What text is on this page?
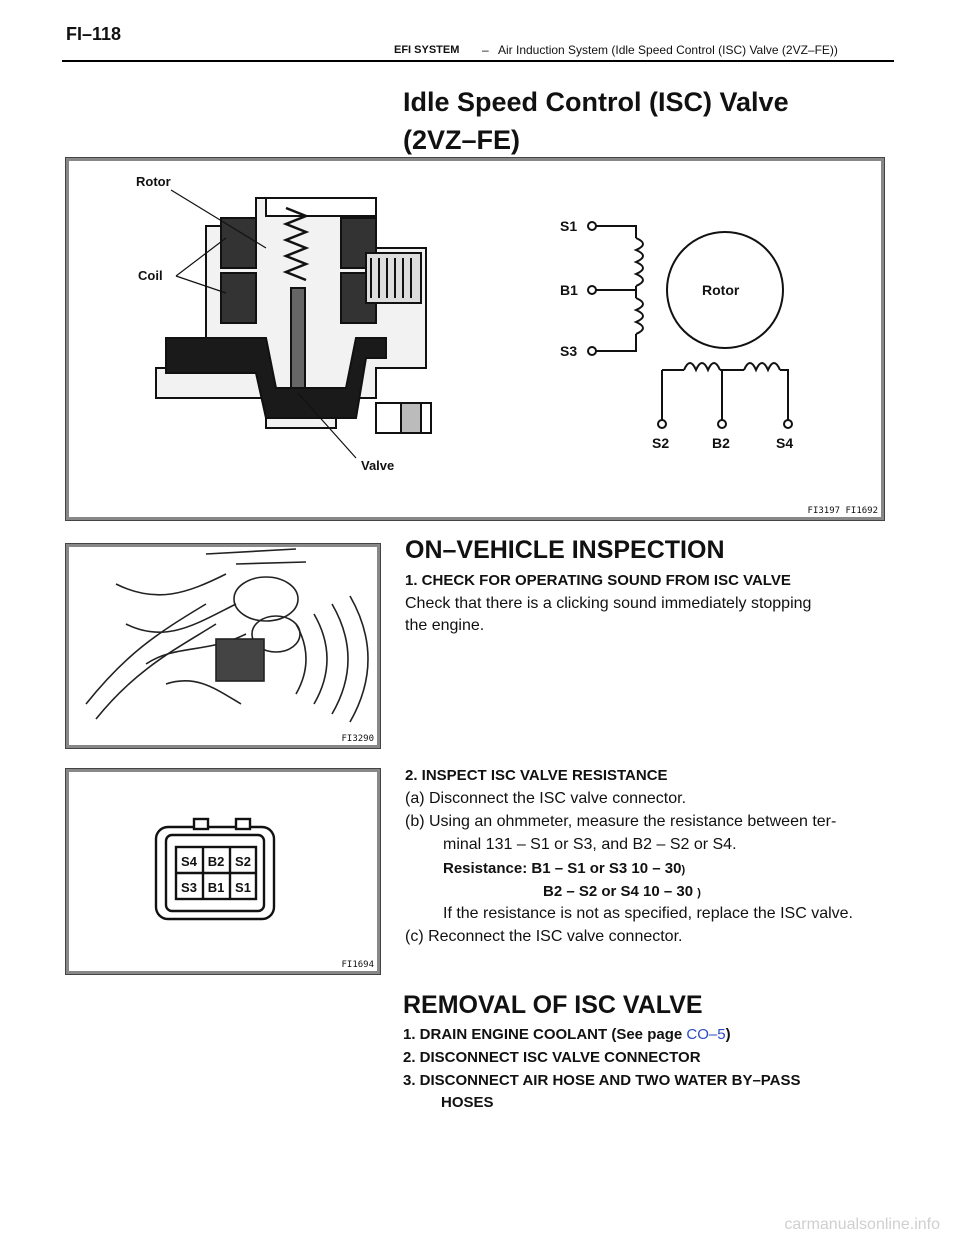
FI–118
EFI SYSTEM – Air Induction System (Idle Speed Control (ISC) Valve (2VZ–FE))
Idle Speed Control (ISC) Valve
(2VZ–FE)
Rotor
Coil
Valve
S1
B1
S3
Rotor
S2	B2	S4
FI3197 FI1692
FI3290
ON–VEHICLE INSPECTION
1. CHECK FOR OPERATING SOUND FROM ISC VALVE
Check that there is a clicking sound immediately stopping
the engine.
S4 B2 S2
S3 B1 S1
FI1694
2. INSPECT ISC VALVE RESISTANCE
(a) Disconnect the ISC valve connector.
(b) Using an ohmmeter, measure the resistance between ter-
minal 131 – S1 or S3, and B2 – S2 or S4.
Resistance: B1 – S1 or S3 10 – 30)
B2 – S2 or S4 10 – 30 )
If the resistance is not as specified, replace the ISC valve.
(c) Reconnect the ISC valve connector.
REMOVAL OF ISC VALVE
1. DRAIN ENGINE COOLANT (See page CO–5)
2. DISCONNECT ISC VALVE CONNECTOR
3. DISCONNECT AIR HOSE AND TWO WATER BY–PASS
HOSES
carmanualsonline.info
